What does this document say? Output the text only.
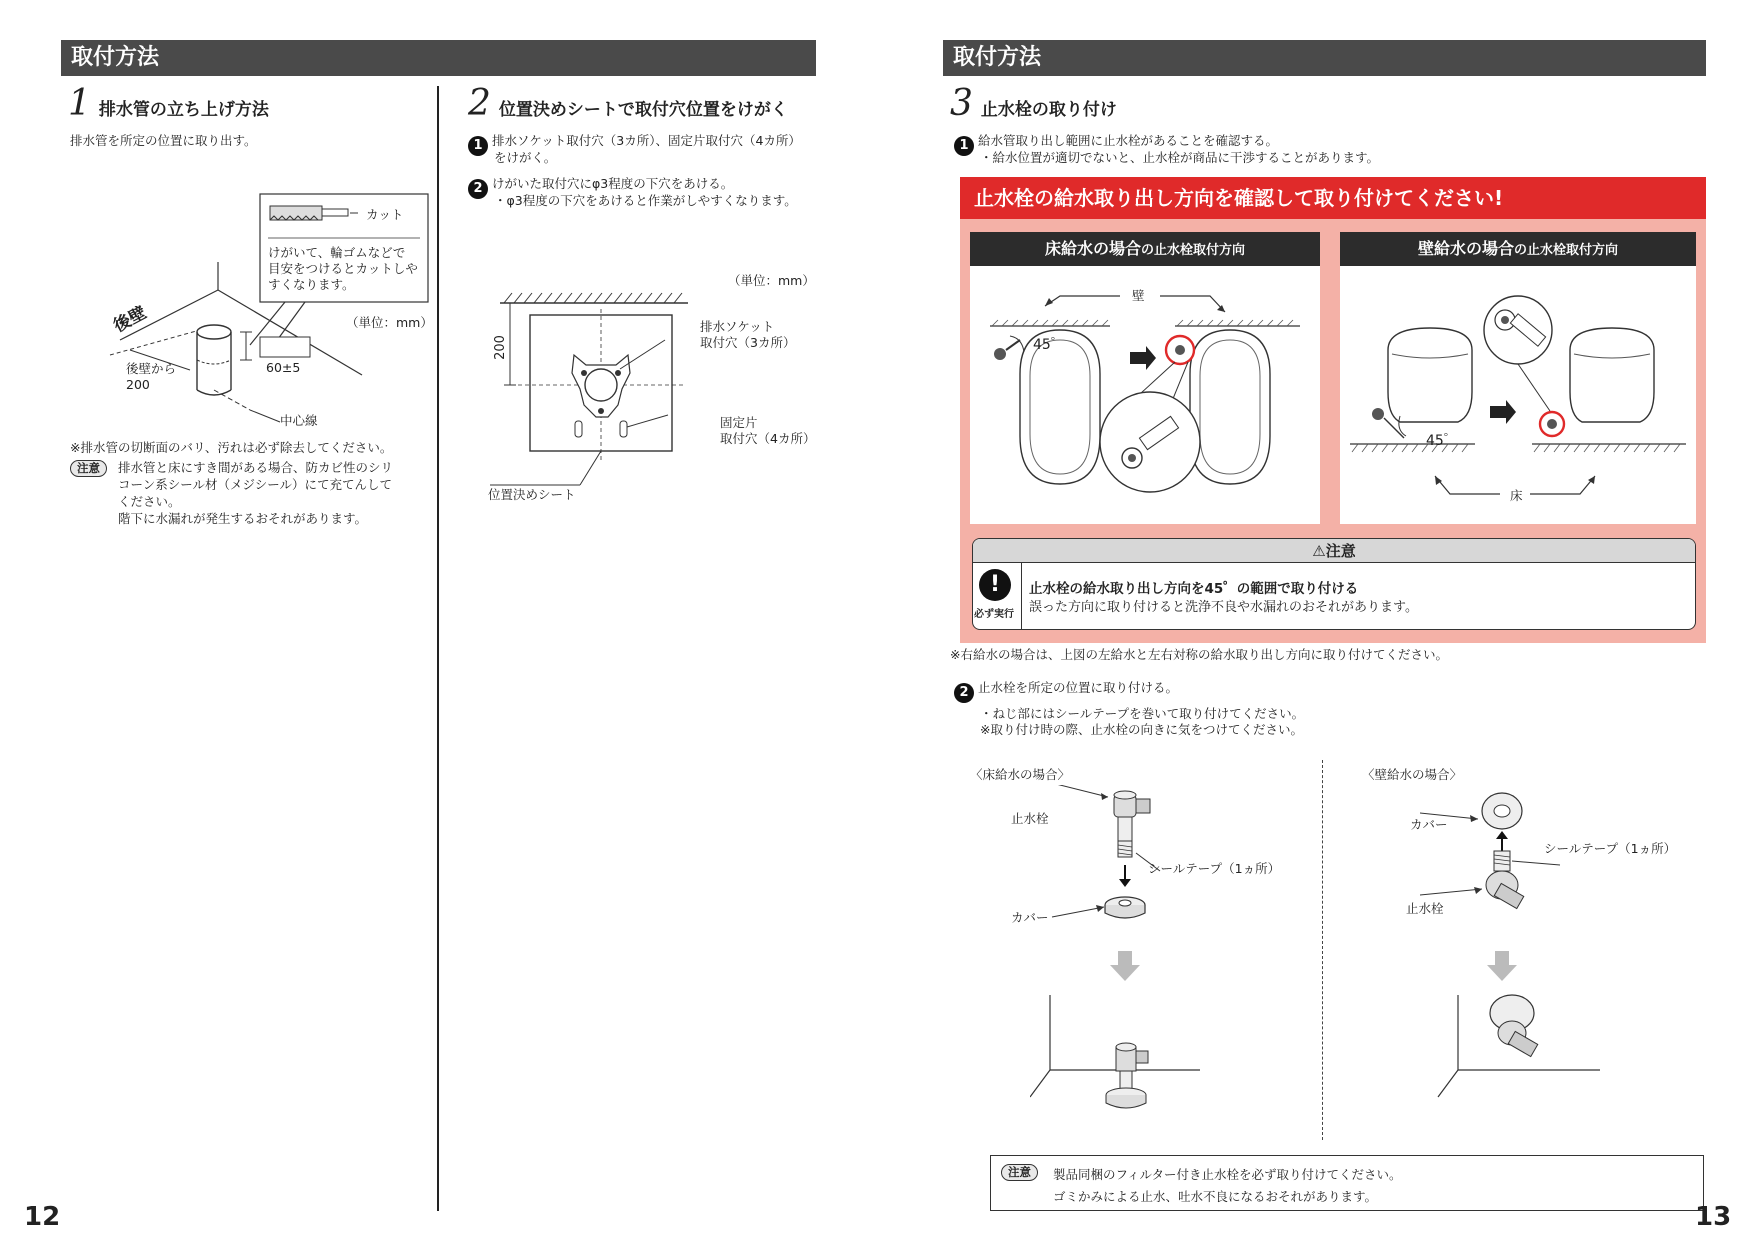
取付方法
1 排水管の立ち上げ方法
排水管を所定の位置に取り出す。
カット
けがいて、輪ゴムなどで
目安をつけるとカットしや
すくなります。
（単位：mm）
後壁
後壁から
200
60±5
中心線
※排水管の切断面のバリ、汚れは必ず除去してください。
注意	排水管と床にすき間がある場合、防カビ性のシリ
コーン系シール材（メジシール）にて充てんして
ください。
階下に水漏れが発生するおそれがあります。
2 位置決めシートで取付穴位置をけがく
1 排水ソケット取付穴（3カ所）、固定片取付穴（4カ所）
をけがく。
2 けがいた取付穴にφ3程度の下穴をあける。
・φ3程度の下穴をあけると作業がしやすくなります。
（単位：mm）
200
排水ソケット
取付穴（3カ所）
固定片
取付穴（4カ所）
位置決めシート
12
取付方法
3 止水栓の取り付け
1 給水管取り出し範囲に止水栓があることを確認する。
・給水位置が適切でないと、止水栓が商品に干渉することがあります。
止水栓の給水取り出し方向を確認して取り付けてください!
床給水の場合の止水栓取付方向	壁給水の場合の止水栓取付方向
壁
45゜
45゜
床
⚠注意
!
必ず実行
止水栓の給水取り出し方向を45゜の範囲で取り付ける
誤った方向に取り付けると洗浄不良や水漏れのおそれがあります。
※右給水の場合は、上図の左給水と左右対称の給水取り出し方向に取り付けてください。
2 止水栓を所定の位置に取り付ける。
・ねじ部にはシールテープを巻いて取り付けてください。
※取り付け時の際、止水栓の向きに気をつけてください。
〈床給水の場合〉	〈壁給水の場合〉
止水栓
シールテープ（1ヵ所）
カバー
カバー
シールテープ（1ヵ所）
止水栓
注意	製品同梱のフィルター付き止水栓を必ず取り付けてください。
ゴミかみによる止水、吐水不良になるおそれがあります。
13
